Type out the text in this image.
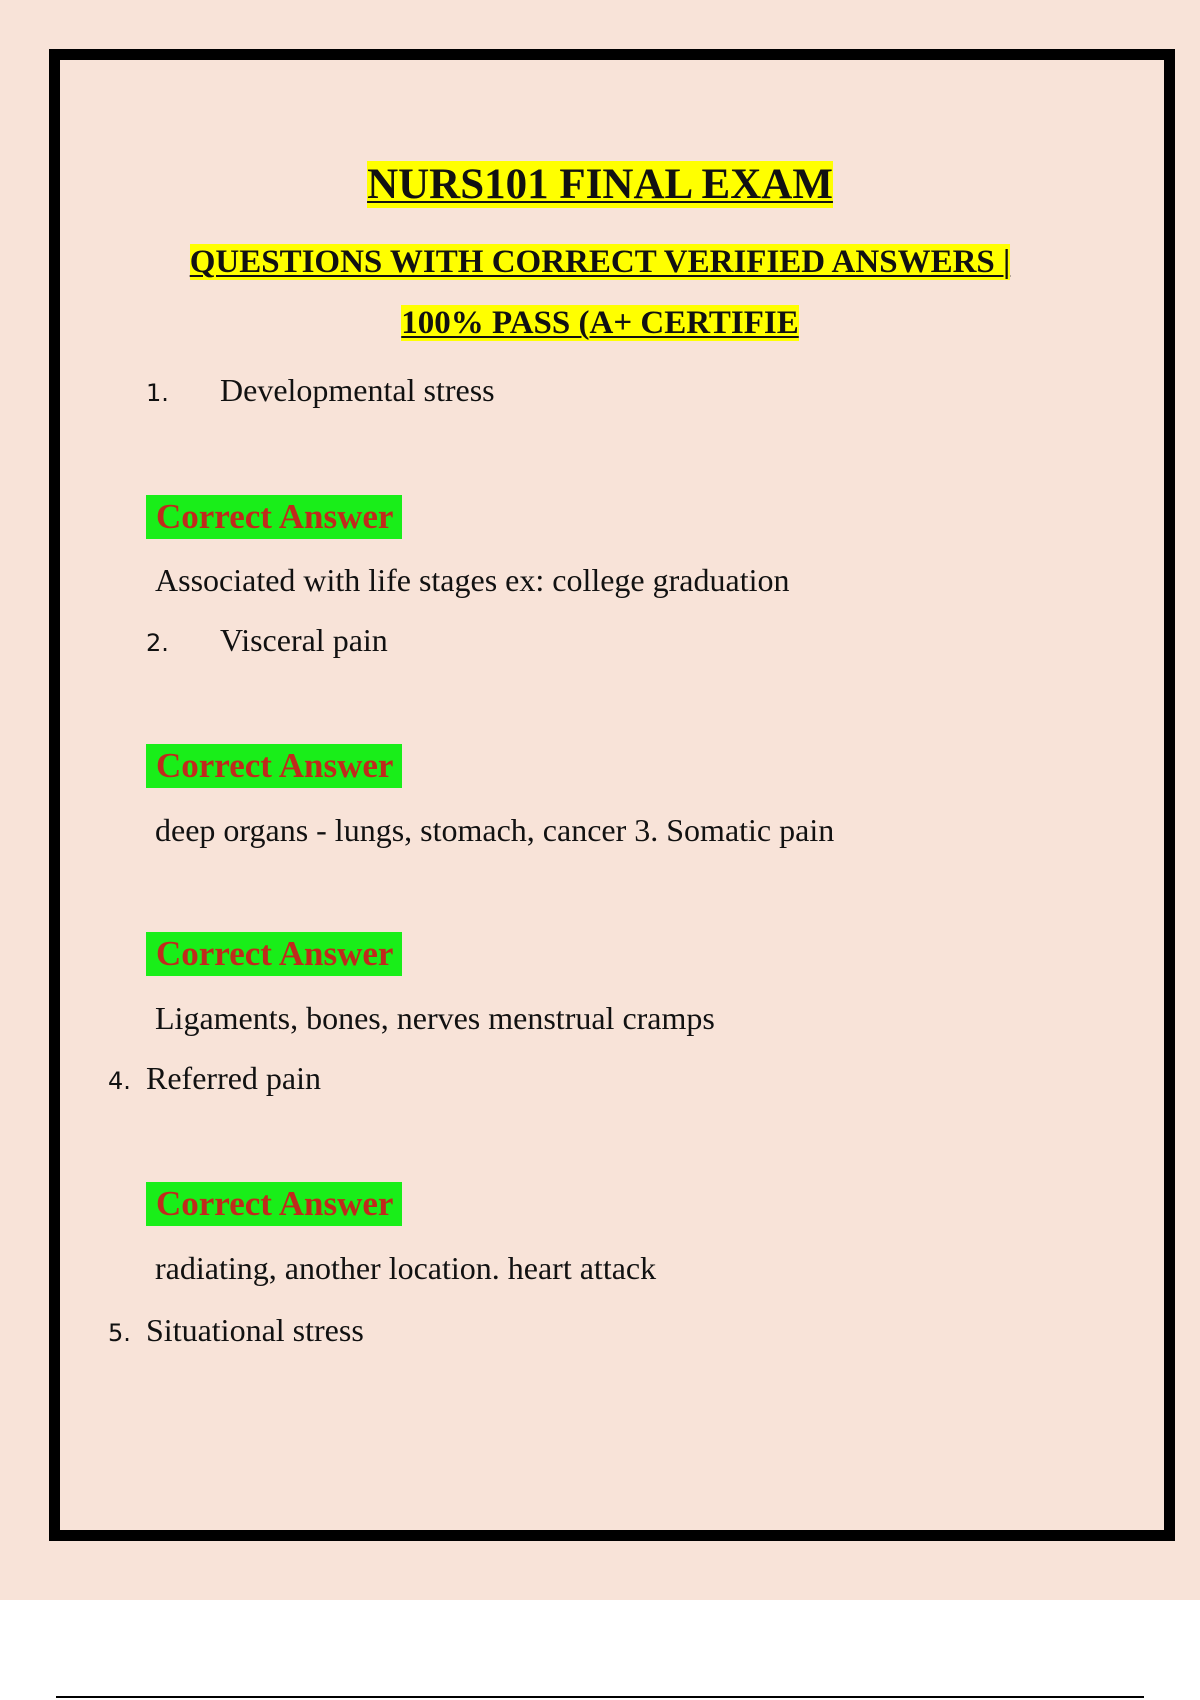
NURS101 FINAL EXAM
QUESTIONS WITH CORRECT VERIFIED ANSWERS |
100% PASS (A+ CERTIFIE
1. Developmental stress
Correct Answer
Associated with life stages ex: college graduation
2. Visceral pain
Correct Answer
deep organs - lungs, stomach, cancer 3. Somatic pain
Correct Answer
Ligaments, bones, nerves menstrual cramps
4. Referred pain
Correct Answer
radiating, another location. heart attack
5. Situational stress
